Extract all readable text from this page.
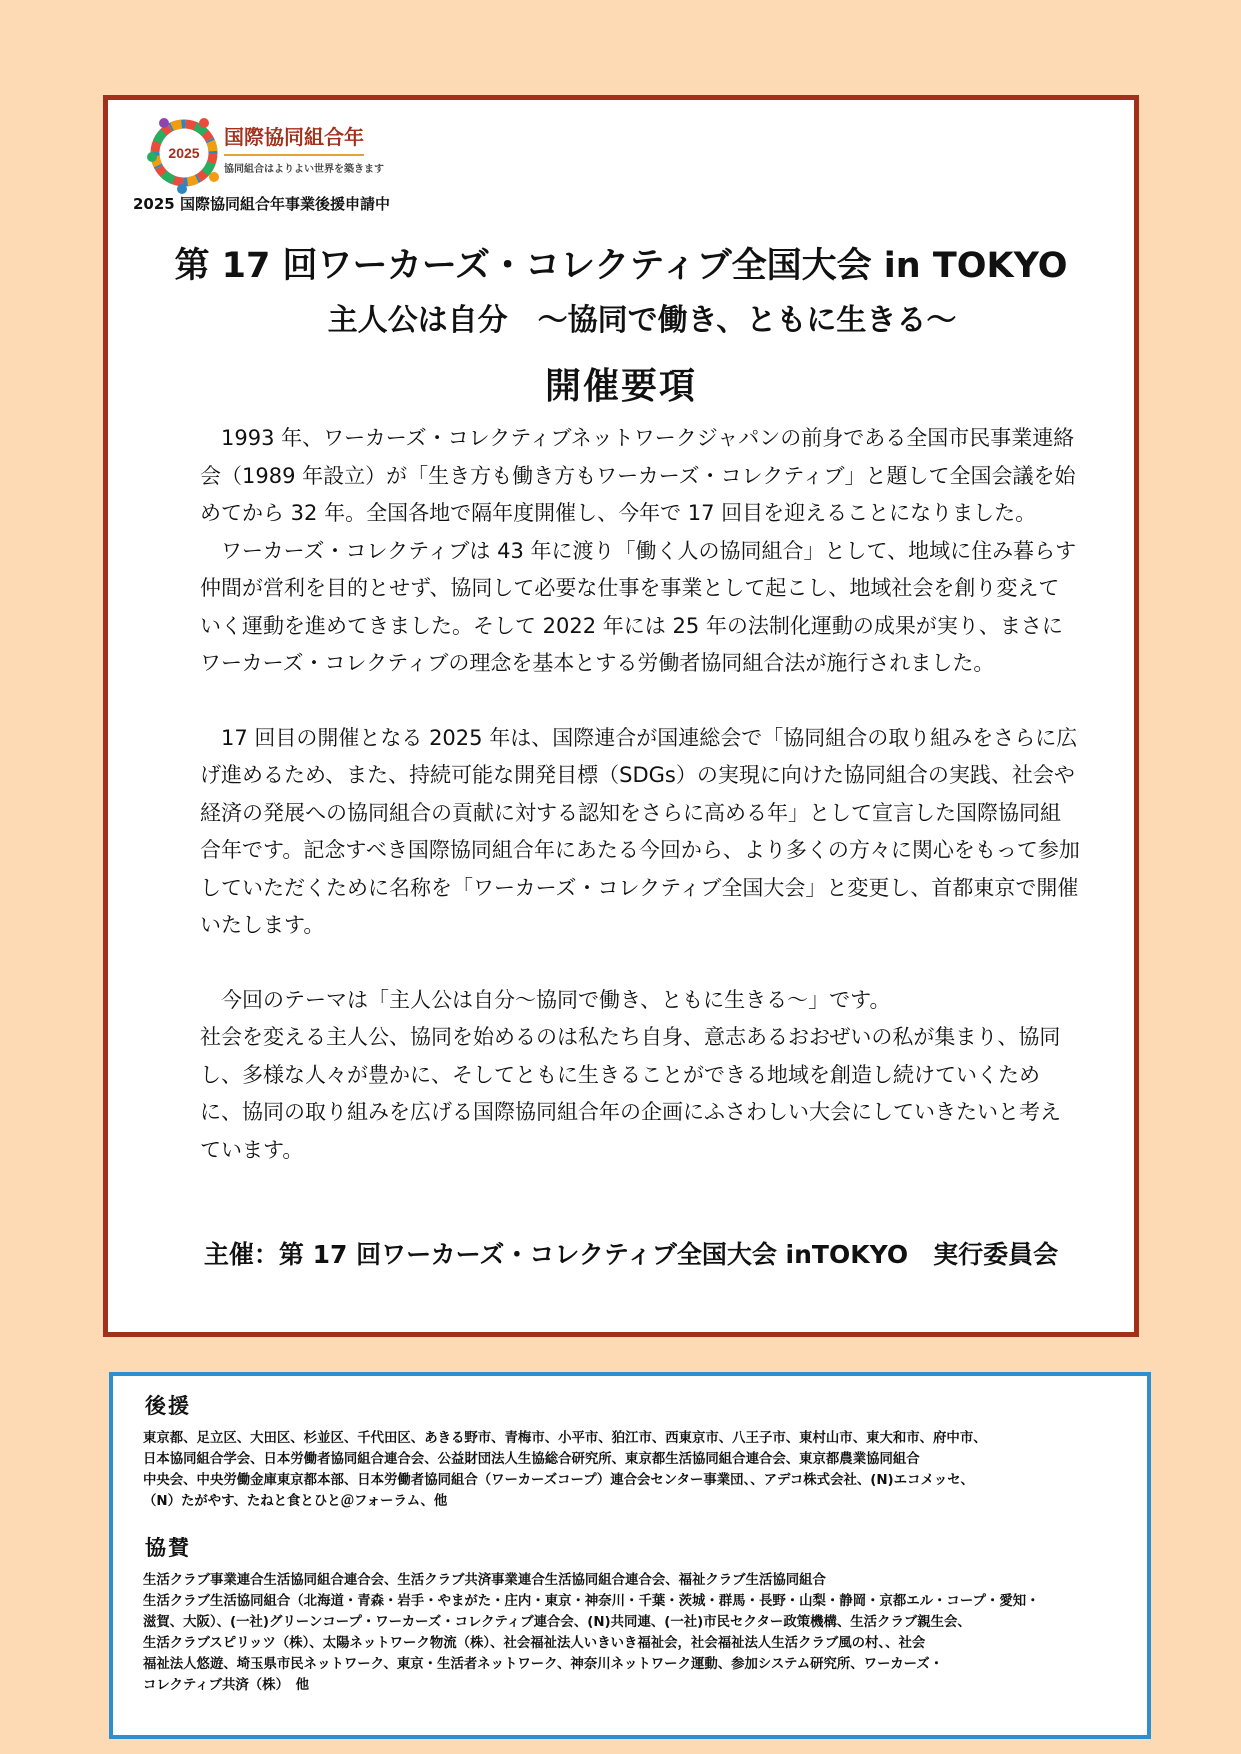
2025
国際協同組合年
協同組合はよりよい世界を築きます
2025 国際協同組合年事業後援申請中
第 17 回ワーカーズ・コレクティブ全国大会 in TOKYO
主人公は自分　～協同で働き、ともに生きる～
開催要項

1993 年、ワーカーズ・コレクティブネットワークジャパンの前身である全国市民事業連絡会（1989 年設立）が「生き方も働き方もワーカーズ・コレクティブ」と題して全国会議を始めてから 32 年。全国各地で隔年度開催し、今年で 17 回目を迎えることになりました。

ワーカーズ・コレクティブは 43 年に渡り「働く人の協同組合」として、地域に住み暮らす仲間が営利を目的とせず、協同して必要な仕事を事業として起こし、地域社会を創り変えていく運動を進めてきました。そして 2022 年には 25 年の法制化運動の成果が実り、まさにワーカーズ・コレクティブの理念を基本とする労働者協同組合法が施行されました。

17 回目の開催となる 2025 年は、国際連合が国連総会で「協同組合の取り組みをさらに広げ進めるため、また、持続可能な開発目標（SDGs）の実現に向けた協同組合の実践、社会や経済の発展への協同組合の貢献に対する認知をさらに高める年」として宣言した国際協同組合年です。記念すべき国際協同組合年にあたる今回から、より多くの方々に関心をもって参加していただくために名称を「ワーカーズ・コレクティブ全国大会」と変更し、首都東京で開催いたします。

今回のテーマは「主人公は自分～協同で働き、ともに生きる～」です。

社会を変える主人公、協同を始めるのは私たち自身、意志あるおおぜいの私が集まり、協同し、多様な人々が豊かに、そしてともに生きることができる地域を創造し続けていくために、協同の取り組みを広げる国際協同組合年の企画にふさわしい大会にしていきたいと考えています。

主催：第 17 回ワーカーズ・コレクティブ全国大会 inTOKYO　実行委員会
後援

東京都、足立区、大田区、杉並区、千代田区、あきる野市、青梅市、小平市、狛江市、西東京市、八王子市、東村山市、東大和市、府中市、

日本協同組合学会、日本労働者協同組合連合会、公益財団法人生協総合研究所、東京都生活協同組合連合会、東京都農業協同組合

中央会、中央労働金庫東京都本部、日本労働者協同組合（ワーカーズコープ）連合会センター事業団、、アデコ株式会社、(N)エコメッセ、

（N）たがやす、たねと食とひと＠フォーラム、他

協賛

生活クラブ事業連合生活協同組合連合会、生活クラブ共済事業連合生活協同組合連合会、福祉クラブ生活協同組合

生活クラブ生活協同組合（北海道・青森・岩手・やまがた・庄内・東京・神奈川・千葉・茨城・群馬・長野・山梨・静岡・京都エル・コープ・愛知・

滋賀、大阪）、(一社)グリーンコープ・ワーカーズ・コレクティブ連合会、(N)共同連、(一社)市民セクター政策機構、生活クラブ親生会、

生活クラブスピリッツ（株）、太陽ネットワーク物流（株）、社会福祉法人いきいき福祉会，社会福祉法人生活クラブ風の村、、社会

福祉法人悠遊、埼玉県市民ネットワーク、東京・生活者ネットワーク、神奈川ネットワーク運動、参加システム研究所、ワーカーズ・

コレクティブ共済（株）　他
